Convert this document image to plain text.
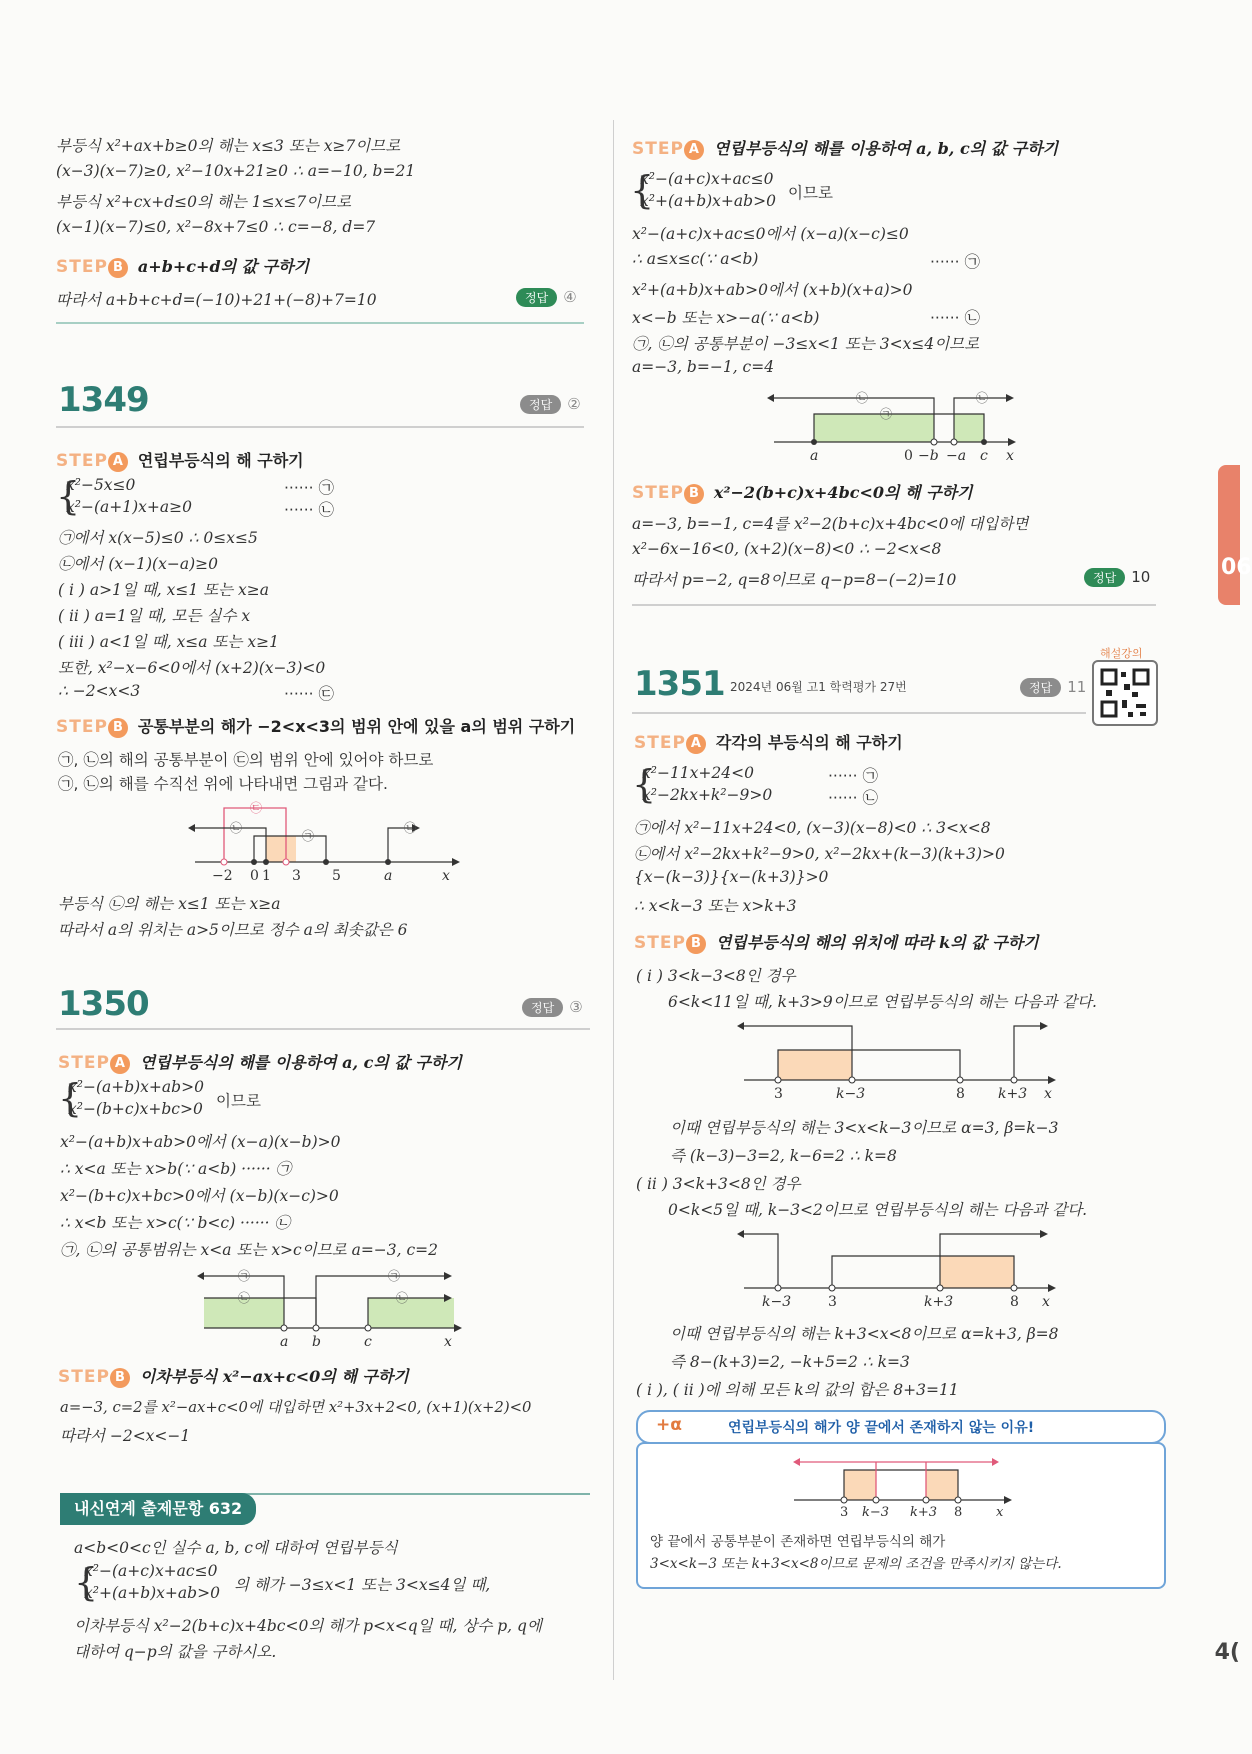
부등식 x²+ax+b≥0의 해는 x≤3 또는 x≥7이므로
(x−3)(x−7)≥0, x²−10x+21≥0 ∴ a=−10, b=21
부등식 x²+cx+d≤0의 해는 1≤x≤7이므로
(x−1)(x−7)≤0, x²−8x+7≤0 ∴ c=−8, d=7
STEP B a+b+c+d의 값 구하기
따라서 a+b+c+d=(−10)+21+(−8)+7=10	정답 ④
1349	정답 ②
STEP A 연립부등식의 해 구하기
{
x²−5x≤0
x²−(a+1)x+a≥0
······ ㉠
······ ㉡
㉠에서 x(x−5)≤0 ∴ 0≤x≤5
㉡에서 (x−1)(x−a)≥0
( i ) a>1일 때, x≤1 또는 x≥a
( ii ) a=1일 때, 모든 실수 x
( iii ) a<1일 때, x≤a 또는 x≥1
또한, x²−x−6<0에서 (x+2)(x−3)<0
∴ −2<x<3	······ ㉢
STEP B 공통부분의 해가 −2<x<3의 범위 안에 있을 a의 범위 구하기
㉠, ㉡의 해의 공통부분이 ㉢의 범위 안에 있어야 하므로
㉠, ㉡의 해를 수직선 위에 나타내면 그림과 같다.
㉢
㉡
㉠
㉡
−2 0 1 3 5	a	x
부등식 ㉡의 해는 x≤1 또는 x≥a
따라서 a의 위치는 a>5이므로 정수 a의 최솟값은 6
1350	정답 ③
STEP A 연립부등식의 해를 이용하여 a, c의 값 구하기
{
x²−(a+b)x+ab>0
x²−(b+c)x+bc>0 이므로
x²−(a+b)x+ab>0에서 (x−a)(x−b)>0
∴ x<a 또는 x>b(∵ a<b) ······ ㉠
x²−(b+c)x+bc>0에서 (x−b)(x−c)>0
∴ x<b 또는 x>c(∵ b<c) ······ ㉡
㉠, ㉡의 공통범위는 x<a 또는 x>c이므로 a=−3, c=2
㉠
㉡
㉠
㉡
a b	c	x
STEP B 이차부등식 x²−ax+c<0의 해 구하기
a=−3, c=2를 x²−ax+c<0에 대입하면 x²+3x+2<0, (x+1)(x+2)<0
따라서 −2<x<−1
내신연계 출제문항 632
a<b<0<c인 실수 a, b, c에 대하여 연립부등식
{
x²−(a+c)x+ac≤0
x²+(a+b)x+ab>0 의 해가 −3≤x<1 또는 3<x≤4일 때,
이차부등식 x²−2(b+c)x+4bc<0의 해가 p<x<q일 때, 상수 p, q에
대하여 q−p의 값을 구하시오.
STEP A 연립부등식의 해를 이용하여 a, b, c의 값 구하기
{
x²−(a+c)x+ac≤0
x²+(a+b)x+ab>0 이므로
x²−(a+c)x+ac≤0에서 (x−a)(x−c)≤0
∴ a≤x≤c(∵ a<b)	······ ㉠
x²+(a+b)x+ab>0에서 (x+b)(x+a)>0
x<−b 또는 x>−a(∵ a<b)	······ ㉡
㉠, ㉡의 공통부분이 −3≤x<1 또는 3<x≤4이므로
a=−3, b=−1, c=4
㉡
㉠
㉡
a	0 −b −a c x
STEP B x²−2(b+c)x+4bc<0의 해 구하기
a=−3, b=−1, c=4를 x²−2(b+c)x+4bc<0에 대입하면
x²−6x−16<0, (x+2)(x−8)<0 ∴ −2<x<8
따라서 p=−2, q=8이므로 q−p=8−(−2)=10	정답 10
1351 2024년 06월 고1 학력평가 27번	정답 11
해설강의
STEP A 각각의 부등식의 해 구하기
{
x²−11x+24<0
x²−2kx+k²−9>0
······ ㉠
······ ㉡
㉠에서 x²−11x+24<0, (x−3)(x−8)<0 ∴ 3<x<8
㉡에서 x²−2kx+k²−9>0, x²−2kx+(k−3)(k+3)>0
{x−(k−3)}{x−(k+3)}>0
∴ x<k−3 또는 x>k+3
STEP B 연립부등식의 해의 위치에 따라 k의 값 구하기
( i ) 3<k−3<8인 경우
6<k<11일 때, k+3>9이므로 연립부등식의 해는 다음과 같다.
3	k−3	8 k+3 x
이때 연립부등식의 해는 3<x<k−3이므로 α=3, β=k−3
즉 (k−3)−3=2, k−6=2 ∴ k=8
( ii ) 3<k+3<8인 경우
0<k<5일 때, k−3<2이므로 연립부등식의 해는 다음과 같다.
k−3	3	k+3	8 x
이때 연립부등식의 해는 k+3<x<8이므로 α=k+3, β=8
즉 8−(k+3)=2, −k+5=2 ∴ k=3
( i ), ( ii )에 의해 모든 k의 값의 합은 8+3=11
+α	연립부등식의 해가 양 끝에서 존재하지 않는 이유!
3 k−3 k+3 8	x
양 끝에서 공통부분이 존재하면 연립부등식의 해가
3<x<k−3 또는 k+3<x<8이므로 문제의 조건을 만족시키지 않는다.
06
4(
